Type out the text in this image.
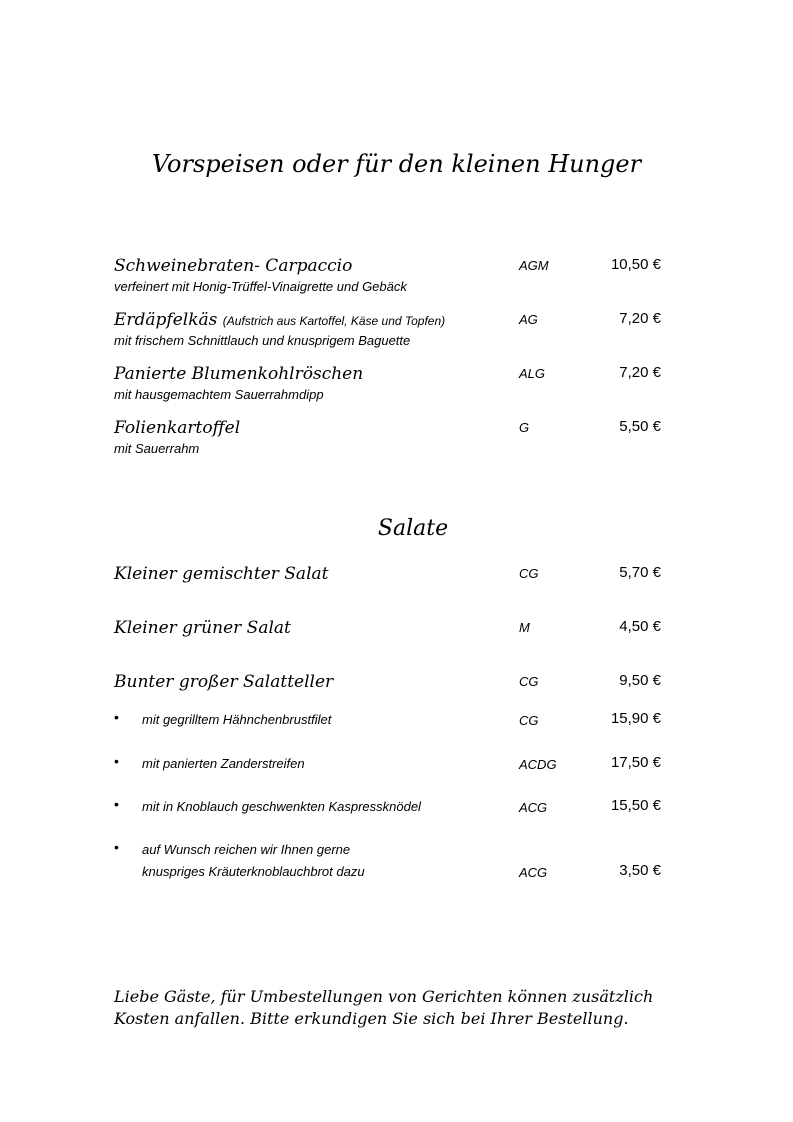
Vorspeisen oder für den kleinen Hunger
Schweinebraten- Carpaccio
verfeinert mit Honig-Trüffel-Vinaigrette und Gebäck
AGM	10,50 €
Erdäpfelkäs (Aufstrich aus Kartoffel, Käse und Topfen)
mit frischem Schnittlauch und knusprigem Baguette
AG	7,20 €
Panierte Blumenkohlröschen
mit hausgemachtem Sauerrahmdipp
ALG	7,20 €
Folienkartoffel
mit Sauerrahm
G	5,50 €
Salate
Kleiner gemischter Salat	CG	5,70 €
Kleiner grüner Salat	M	4,50 €
Bunter großer Salatteller	CG	9,50 €
• mit gegrilltem Hähnchenbrustfilet	CG	15,90 €
• mit panierten Zanderstreifen	ACDG	17,50 €
• mit in Knoblauch geschwenkten Kaspressknödel	ACG	15,50 €
• auf Wunsch reichen wir Ihnen gerne
knuspriges Kräuterknoblauchbrot dazu	ACG	3,50 €
Liebe Gäste, für Umbestellungen von Gerichten können zusätzlich
Kosten anfallen. Bitte erkundigen Sie sich bei Ihrer Bestellung.
